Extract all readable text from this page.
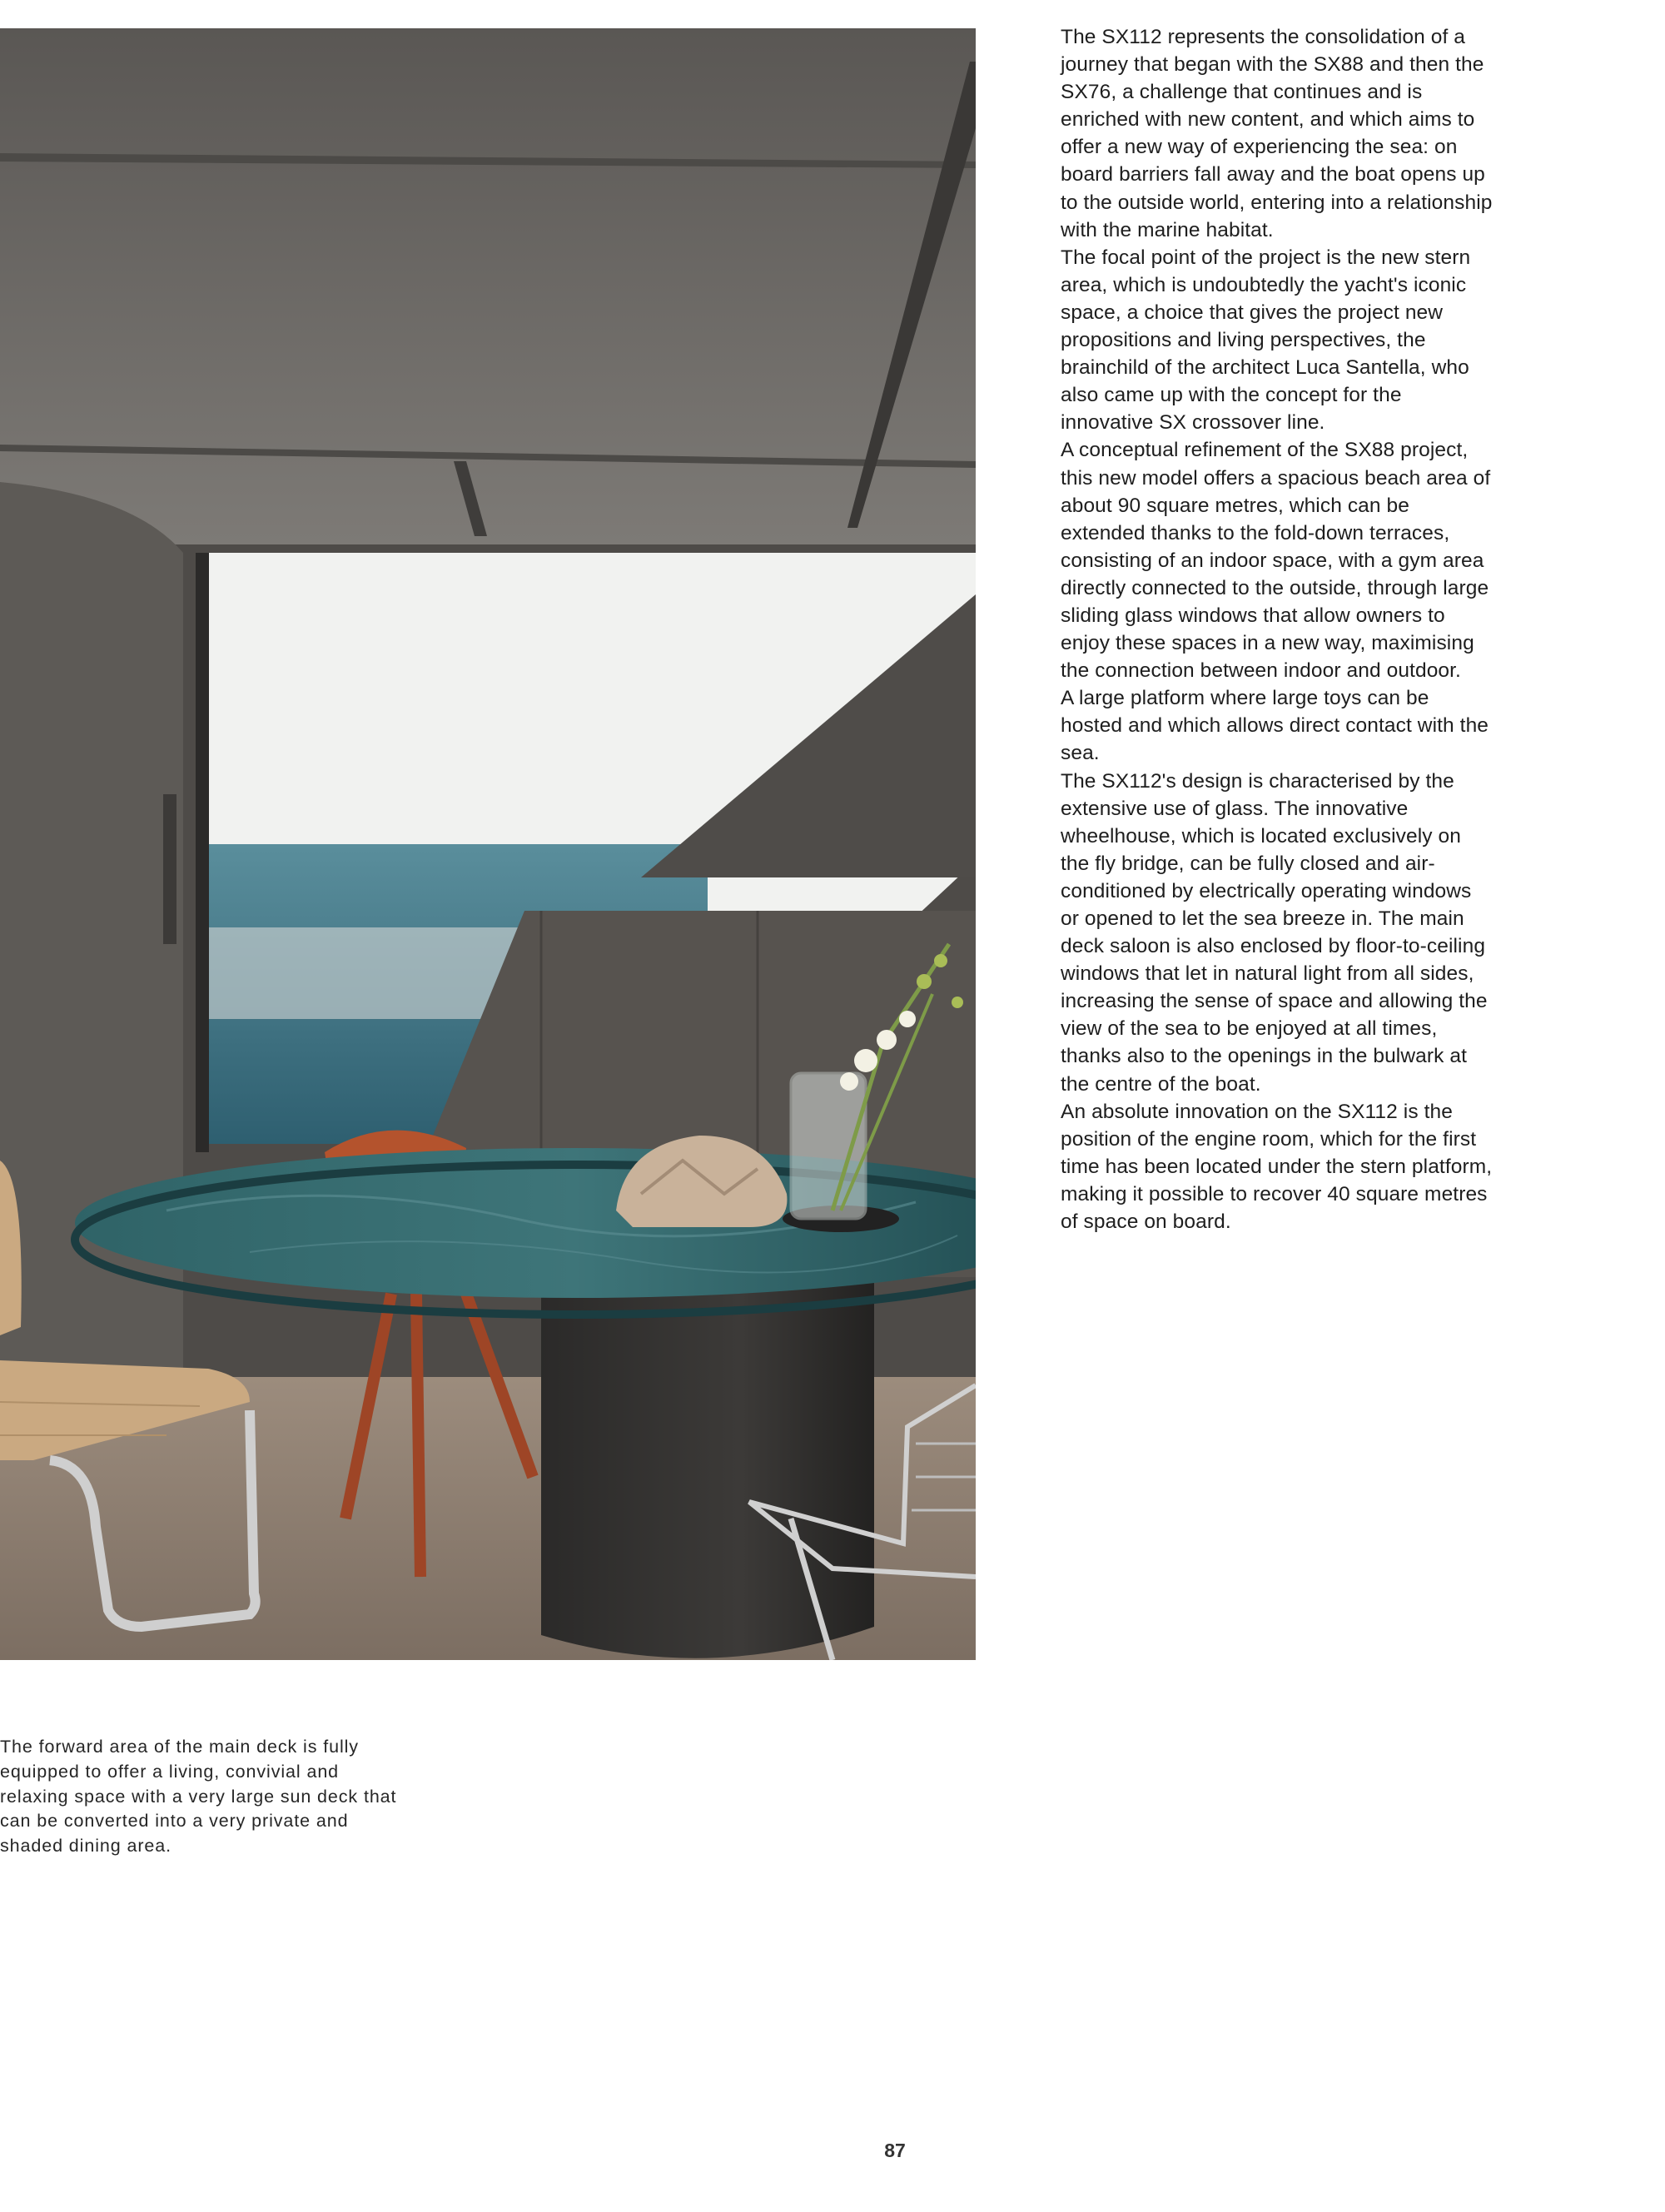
The SX112 represents the consolidation of a journey that began with the SX88 and then the SX76, a challenge that continues and is enriched with new content, and which aims to offer a new way of experiencing the sea: on board barriers fall away and the boat opens up to the outside world, entering into a relationship with the marine habitat.

The focal point of the project is the new stern area, which is undoubtedly the yacht's iconic space, a choice that gives the project new propositions and living perspectives, the brainchild of the architect Luca Santella, who also came up with the concept for the innovative SX crossover line.

A conceptual refinement of the SX88 project, this new model offers a spacious beach area of about 90 square metres, which can be extended thanks to the fold-down terraces, consisting of an indoor space, with a gym area directly connected to the outside, through large sliding glass windows that allow owners to enjoy these spaces in a new way, maximising the connection between indoor and outdoor.

A large platform where large toys can be hosted and which allows direct contact with the sea.

The SX112's design is characterised by the extensive use of glass. The innovative wheelhouse, which is located exclusively on the fly bridge, can be fully closed and air-conditioned by electrically operating windows or opened to let the sea breeze in. The main deck saloon is also enclosed by floor-to-ceiling windows that let in natural light from all sides, increasing the sense of space and allowing the view of the sea to be enjoyed at all times, thanks also to the openings in the bulwark at the centre of the boat.

An absolute innovation on the SX112 is the position of the engine room, which for the first time has been located under the stern platform, making it possible to recover 40 square metres of space on board.

The forward area of the main deck is fully equipped to offer a living, convivial and relaxing space with a very large sun deck that can be converted into a very private and shaded dining area.
87
